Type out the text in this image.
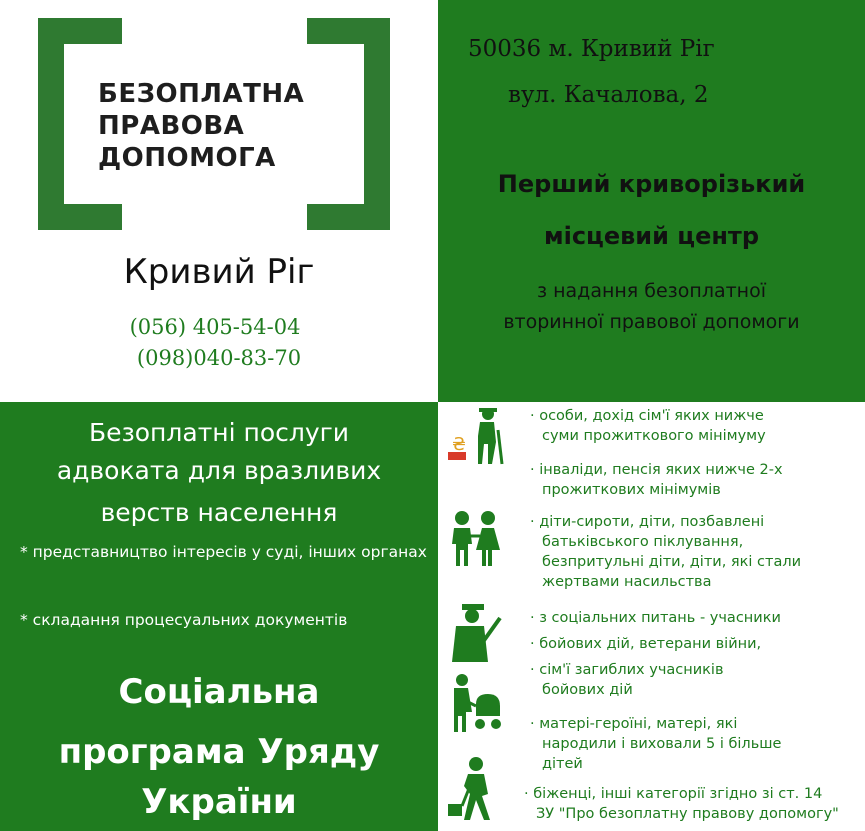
БЕЗОПЛАТНА
ПРАВОВА
ДОПОМОГА
Кривий Ріг
(056) 405-54-04
(098)040-83-70
50036 м. Кривий Ріг
вул. Качалова, 2
Перший криворізький
місцевий центр
з надання безоплатної
вторинної правової допомоги
Безоплатні послуги
адвоката для вразливих
верств населення
* представництво інтересів у суді, інших органах
* складання процесуальних документів
Соціальна
програма Уряду
України
₴
· особи, дохід сім'ї яких нижче
суми прожиткового мінімуму
· інваліди, пенсія яких нижче 2-х
прожиткових мінімумів
· діти-сироти, діти, позбавлені
батьківського піклування,
безпритульні діти, діти, які стали
жертвами насильства
· з соціальних питань - учасники
· бойових дій, ветерани війни,
· сім'ї загиблих учасників
бойових дій
· матері-героїні, матері, які
народили і виховали 5 і більше
дітей
· біженці, інші категорії згідно зі ст. 14
ЗУ "Про безоплатну правову допомогу"
